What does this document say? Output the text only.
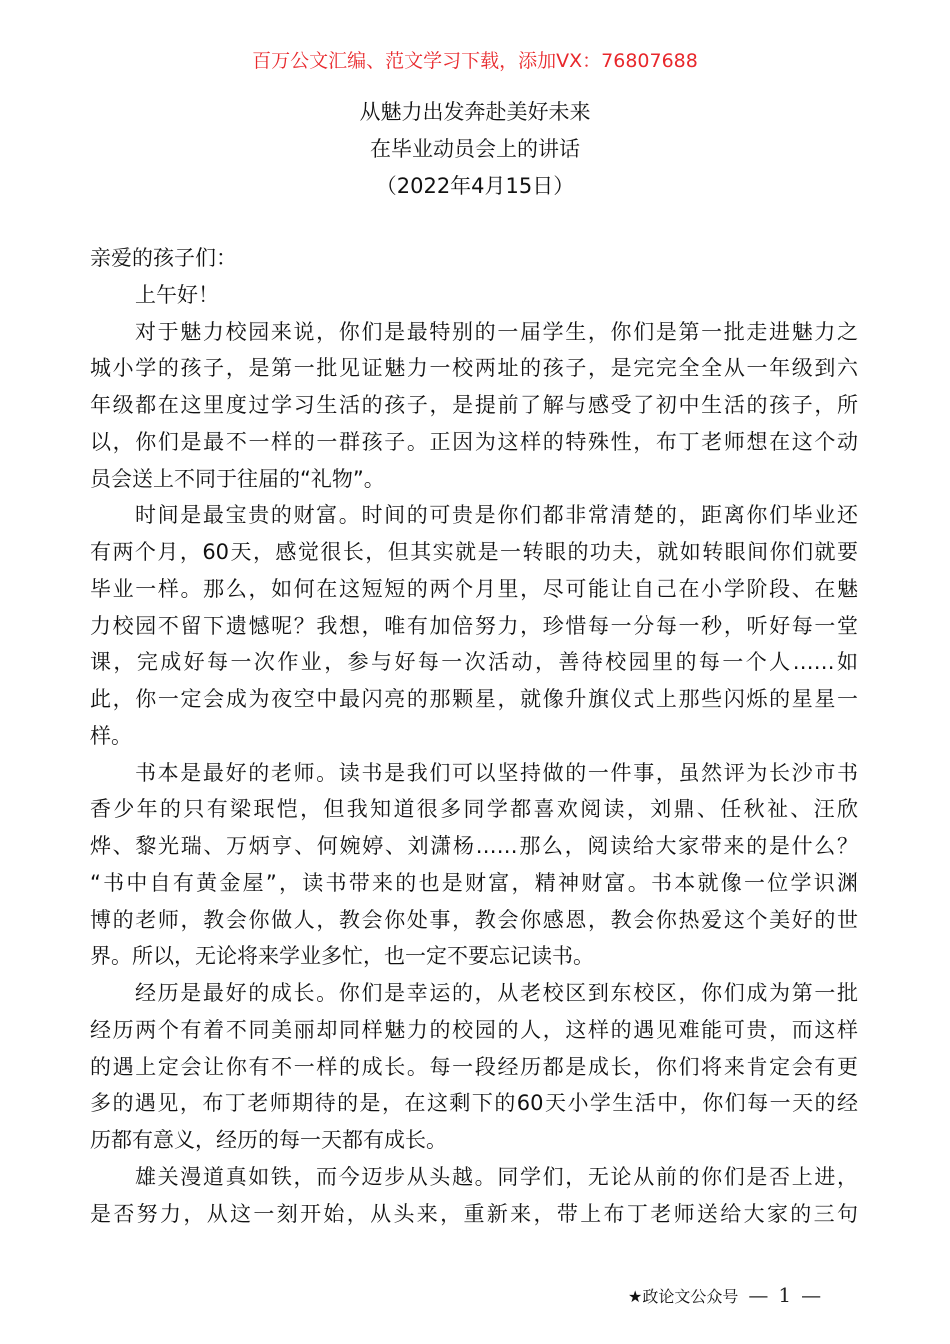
百万公文汇编、范文学习下载，添加VX：76807688
从魅力出发奔赴美好未来
在毕业动员会上的讲话
（2022年4月15日）
亲爱的孩子们：
上午好！
对于魅力校园来说，你们是最特别的一届学生，你们是第一批走进魅力之
城小学的孩子，是第一批见证魅力一校两址的孩子，是完完全全从一年级到六
年级都在这里度过学习生活的孩子，是提前了解与感受了初中生活的孩子，所
以，你们是最不一样的一群孩子。正因为这样的特殊性，布丁老师想在这个动
员会送上不同于往届的“礼物”。
时间是最宝贵的财富。时间的可贵是你们都非常清楚的，距离你们毕业还
有两个月，60天，感觉很长，但其实就是一转眼的功夫，就如转眼间你们就要
毕业一样。那么，如何在这短短的两个月里，尽可能让自己在小学阶段、在魅
力校园不留下遗憾呢？我想，唯有加倍努力，珍惜每一分每一秒，听好每一堂
课，完成好每一次作业，参与好每一次活动，善待校园里的每一个人……如
此，你一定会成为夜空中最闪亮的那颗星，就像升旗仪式上那些闪烁的星星一
样。
书本是最好的老师。读书是我们可以坚持做的一件事，虽然评为长沙市书
香少年的只有梁珉恺，但我知道很多同学都喜欢阅读，刘鼎、任秋祉、汪欣
烨、黎光瑞、万炳亨、何婉婷、刘潇杨……那么，阅读给大家带来的是什么？
“书中自有黄金屋”，读书带来的也是财富，精神财富。书本就像一位学识渊
博的老师，教会你做人，教会你处事，教会你感恩，教会你热爱这个美好的世
界。所以，无论将来学业多忙，也一定不要忘记读书。
经历是最好的成长。你们是幸运的，从老校区到东校区，你们成为第一批
经历两个有着不同美丽却同样魅力的校园的人，这样的遇见难能可贵，而这样
的遇上定会让你有不一样的成长。每一段经历都是成长，你们将来肯定会有更
多的遇见，布丁老师期待的是，在这剩下的60天小学生活中，你们每一天的经
历都有意义，经历的每一天都有成长。
雄关漫道真如铁，而今迈步从头越。同学们，无论从前的你们是否上进，
是否努力，从这一刻开始，从头来，重新来，带上布丁老师送给大家的三句
★政论文公众号 — 1 —
